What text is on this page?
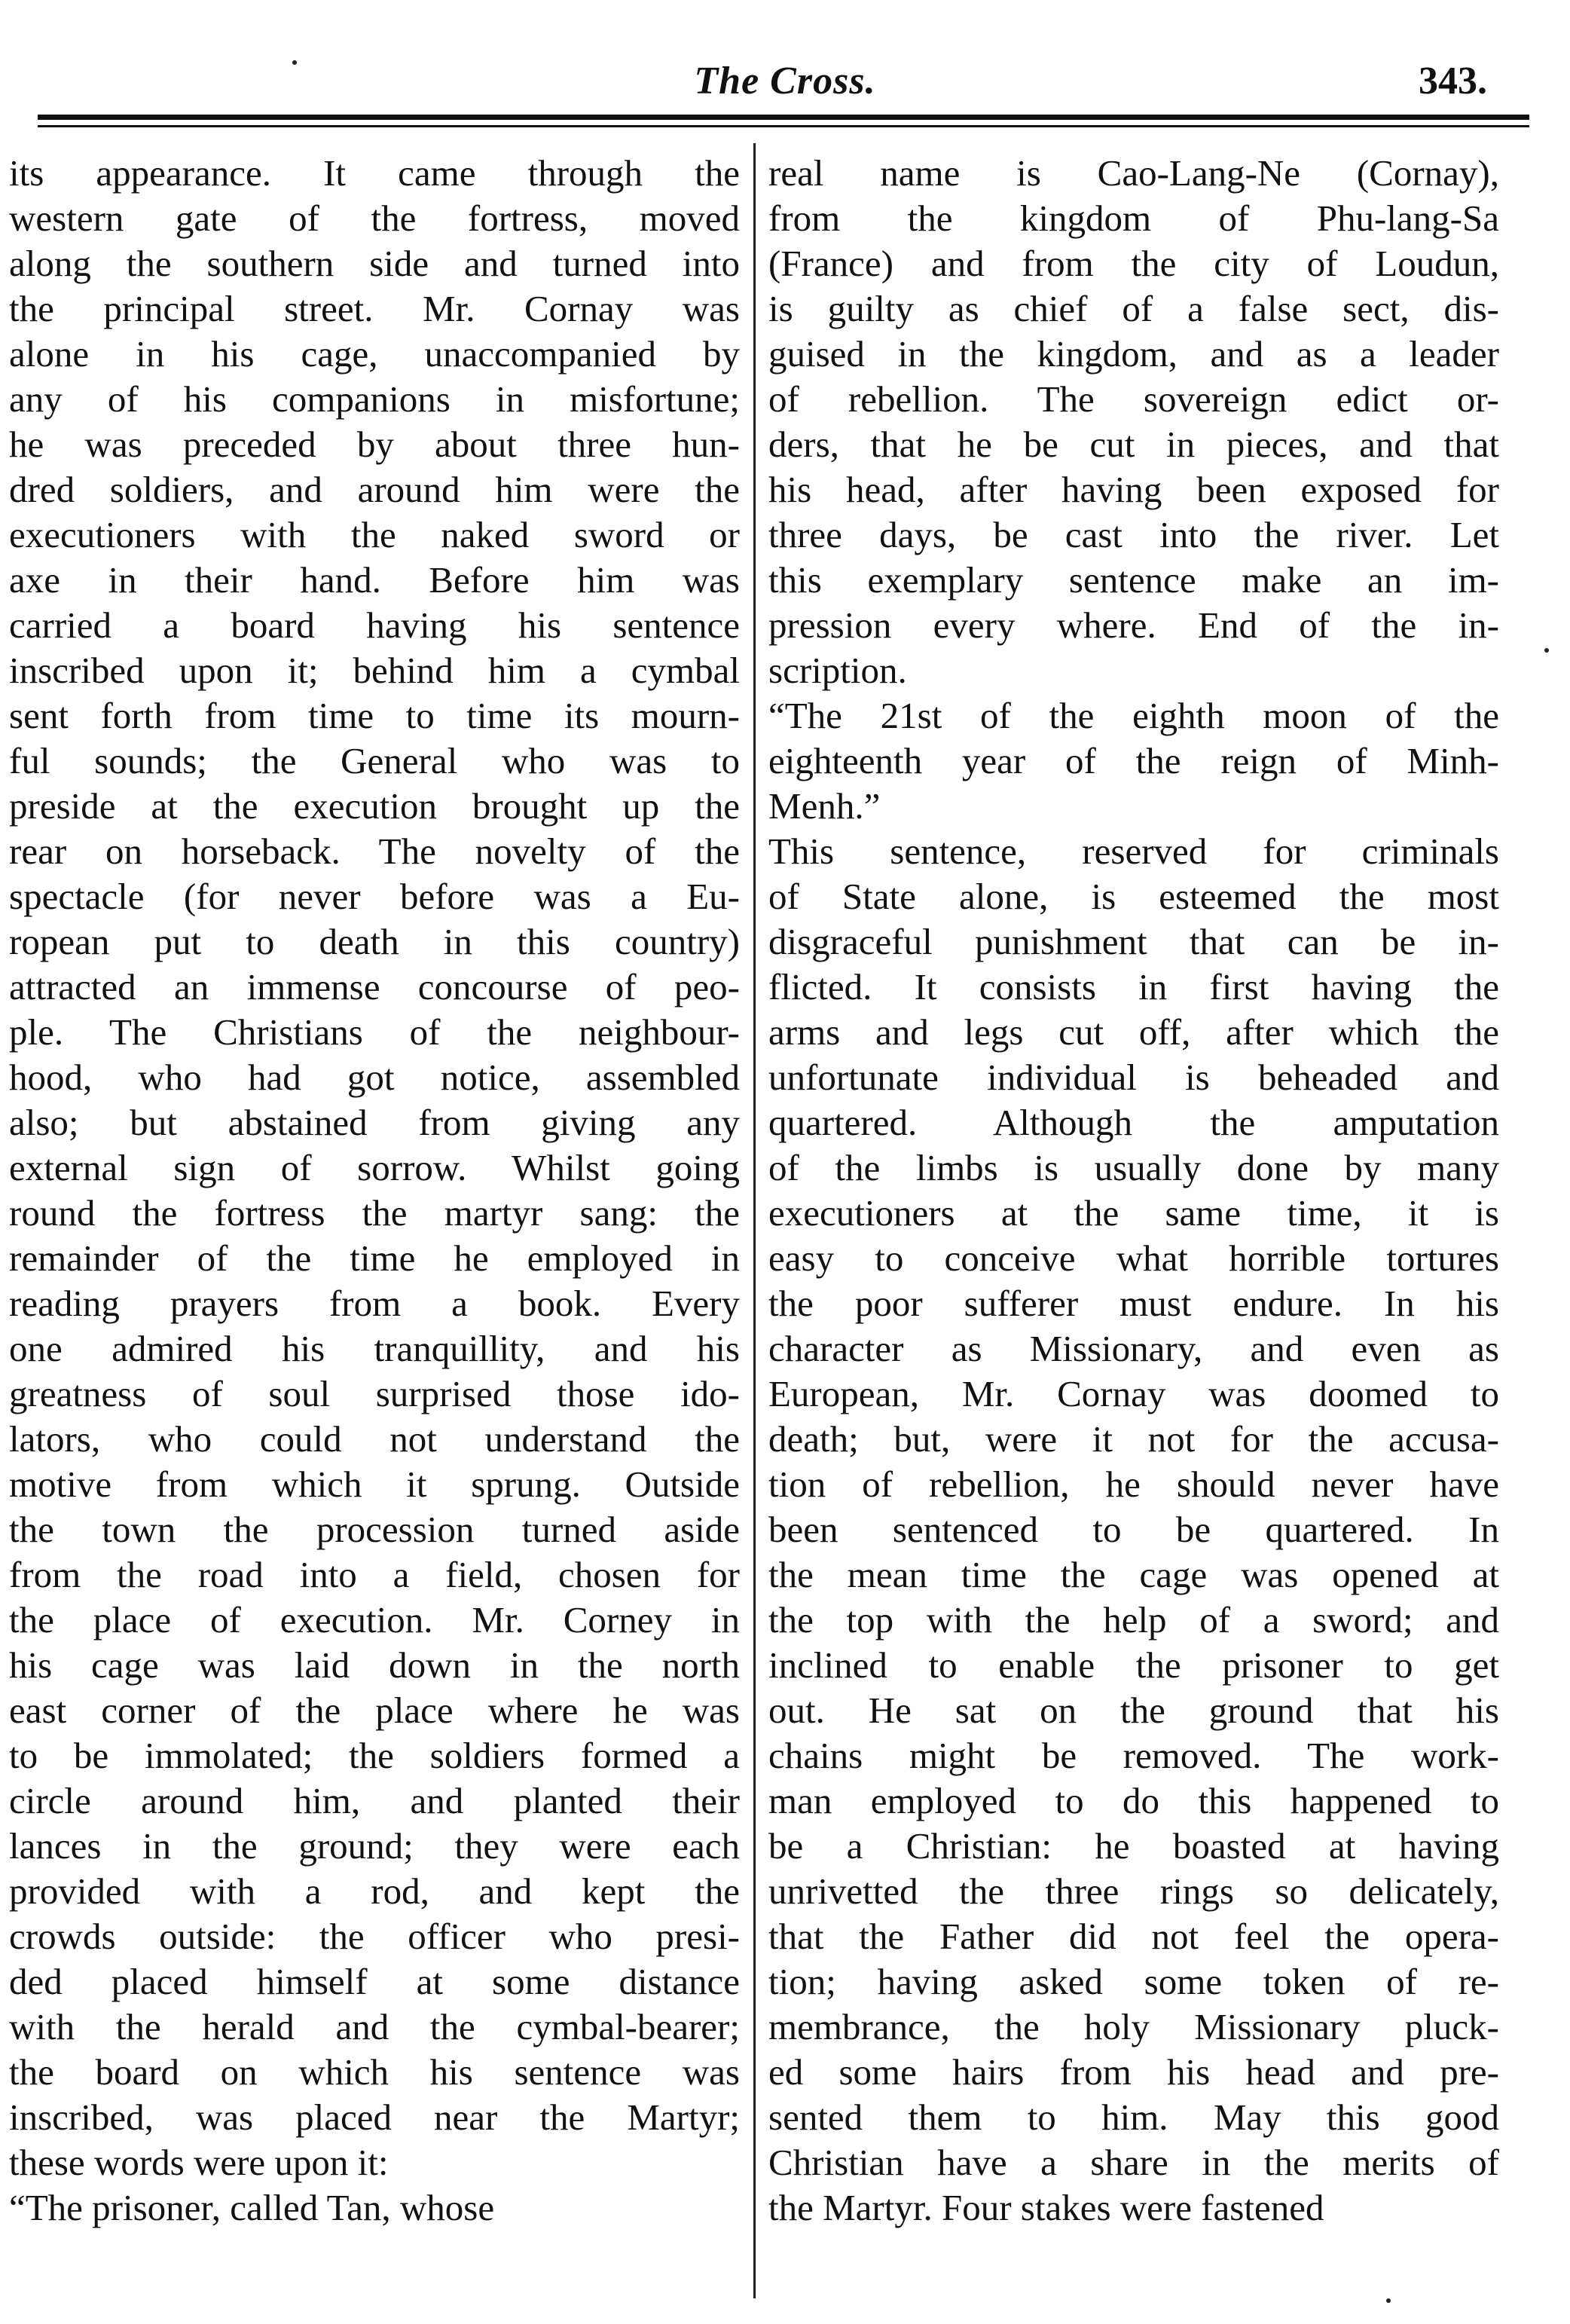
The Cross.	343.
its appearance. It came through the
western gate of the fortress, moved
along the southern side and turned into
the principal street. Mr. Cornay was
alone in his cage, unaccompanied by
any of his companions in misfortune;
he was preceded by about three hun-
dred soldiers, and around him were the
executioners with the naked sword or
axe in their hand. Before him was
carried a board having his sentence
inscribed upon it; behind him a cymbal
sent forth from time to time its mourn-
ful sounds; the General who was to
preside at the execution brought up the
rear on horseback. The novelty of the
spectacle (for never before was a Eu-
ropean put to death in this country)
attracted an immense concourse of peo-
ple. The Christians of the neighbour-
hood, who had got notice, assembled
also; but abstained from giving any
external sign of sorrow. Whilst going
round the fortress the martyr sang: the
remainder of the time he employed in
reading prayers from a book. Every
one admired his tranquillity, and his
greatness of soul surprised those ido-
lators, who could not understand the
motive from which it sprung. Outside
the town the procession turned aside
from the road into a field, chosen for
the place of execution. Mr. Corney in
his cage was laid down in the north
east corner of the place where he was
to be immolated; the soldiers formed a
circle around him, and planted their
lances in the ground; they were each
provided with a rod, and kept the
crowds outside: the officer who presi-
ded placed himself at some distance
with the herald and the cymbal-bearer;
the board on which his sentence was
inscribed, was placed near the Martyr;
these words were upon it:
“The prisoner, called Tan, whose
real name is Cao-Lang-Ne (Cornay),
from the kingdom of Phu-lang-Sa
(France) and from the city of Loudun,
is guilty as chief of a false sect, dis-
guised in the kingdom, and as a leader
of rebellion. The sovereign edict or-
ders, that he be cut in pieces, and that
his head, after having been exposed for
three days, be cast into the river. Let
this exemplary sentence make an im-
pression every where. End of the in-
scription.
“The 21st of the eighth moon of the
eighteenth year of the reign of Minh-
Menh.”
This sentence, reserved for criminals
of State alone, is esteemed the most
disgraceful punishment that can be in-
flicted. It consists in first having the
arms and legs cut off, after which the
unfortunate individual is beheaded and
quartered. Although the amputation
of the limbs is usually done by many
executioners at the same time, it is
easy to conceive what horrible tortures
the poor sufferer must endure. In his
character as Missionary, and even as
European, Mr. Cornay was doomed to
death; but, were it not for the accusa-
tion of rebellion, he should never have
been sentenced to be quartered. In
the mean time the cage was opened at
the top with the help of a sword; and
inclined to enable the prisoner to get
out. He sat on the ground that his
chains might be removed. The work-
man employed to do this happened to
be a Christian: he boasted at having
unrivetted the three rings so delicately,
that the Father did not feel the opera-
tion; having asked some token of re-
membrance, the holy Missionary pluck-
ed some hairs from his head and pre-
sented them to him. May this good
Christian have a share in the merits of
the Martyr. Four stakes were fastened
